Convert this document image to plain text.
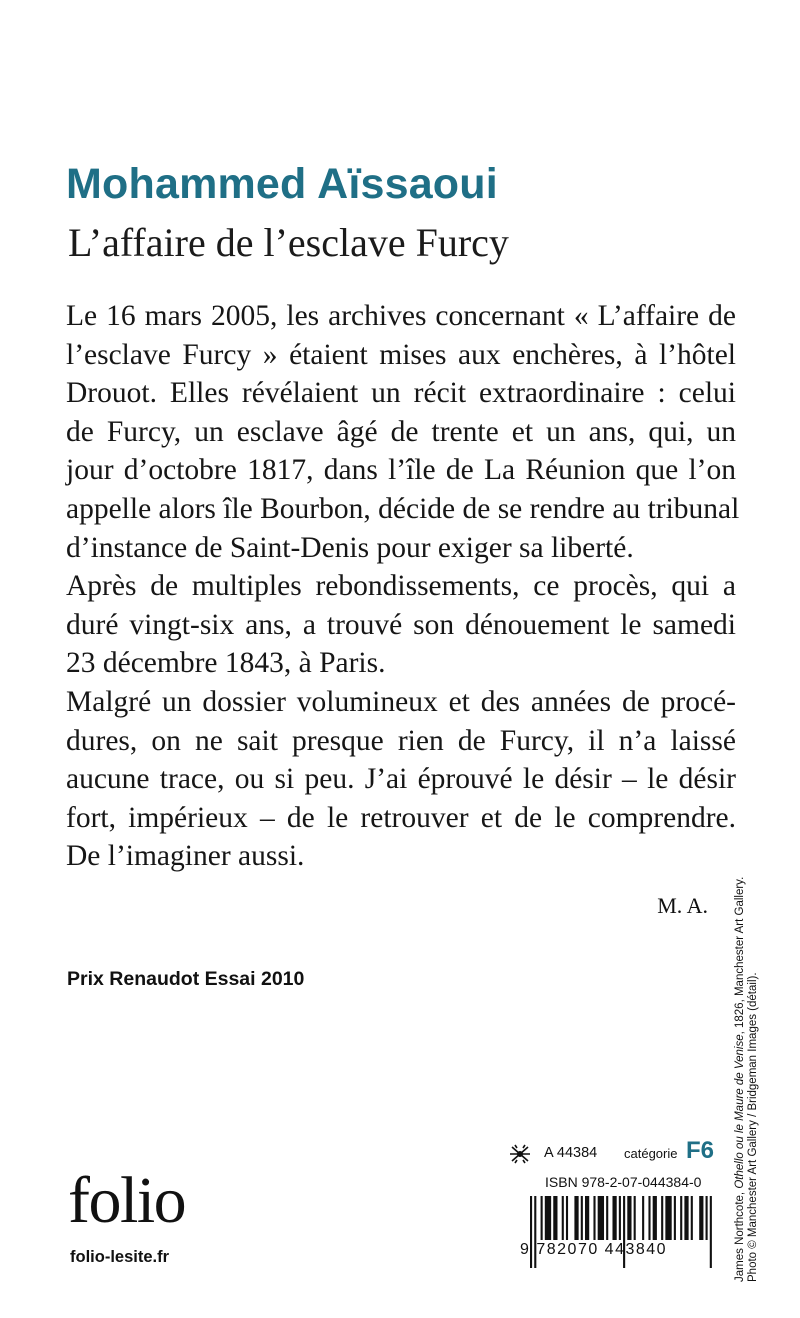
Mohammed Aïssaoui
L’affaire de l’esclave Furcy
Le 16 mars 2005, les archives concernant « L’affaire de
l’esclave Furcy » étaient mises aux enchères, à l’hôtel
Drouot. Elles révélaient un récit extraordinaire : celui
de Furcy, un esclave âgé de trente et un ans, qui, un
jour d’octobre 1817, dans l’île de La Réunion que l’on
appelle alors île Bourbon, décide de se rendre au tribunal
d’instance de Saint-Denis pour exiger sa liberté.
Après de multiples rebondissements, ce procès, qui a
duré vingt-six ans, a trouvé son dénouement le samedi
23 décembre 1843, à Paris.
Malgré un dossier volumineux et des années de procé-
dures, on ne sait presque rien de Furcy, il n’a laissé
aucune trace, ou si peu. J’ai éprouvé le désir – le désir
fort, impérieux – de le retrouver et de le comprendre.
De l’imaginer aussi.
M. A.
Prix Renaudot Essai 2010
folio
folio-lesite.fr
A 44384 catégorie F6
ISBN 978-2-07-044384-0
9 782070 443840	James Northcote, Othello ou le Maure de Venise, 1826, Manchester Art Gallery.
Photo © Manchester Art Gallery / Bridgeman Images (détail).
